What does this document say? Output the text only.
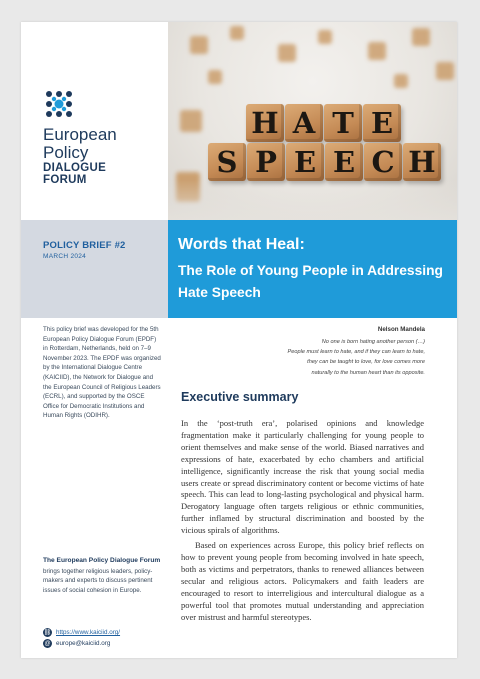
European
Policy
DIALOGUE
FORUM
H A T E
S P E E C H
POLICY BRIEF #2
MARCH 2024
Words that Heal:
The Role of Young People in Addressing Hate Speech
This policy brief was developed for the 5th European Policy Dialogue Forum (EPDF) in Rotterdam, Netherlands, held on 7–9 November 2023. The EPDF was organized by the International Dialogue Centre (KAICIID), the Network for Dialogue and the European Council of Religious Leaders (ECRL), and supported by the OSCE Office for Democratic Institutions and Human Rights (ODIHR).
The European Policy Dialogue Forum
brings together religious leaders, policy-makers and experts to discuss pertinent issues of social cohesion in Europe.
⛓ https://www.kaiciid.org/
@ europe@kaiciid.org
Nelson Mandela
No one is born hating another person (…)
People must learn to hate, and if they can learn to hate,
they can be taught to love, for love comes more
naturally to the human heart than its opposite.
Executive summary

In the ‘post-truth era’, polarised opinions and knowledge fragmentation make it particularly challenging for young people to orient themselves and make sense of the world. Biased narratives and expressions of hate, exacerbated by echo chambers and artificial intelligence, significantly increase the risk that young social media users create or spread discriminatory content or become victims of hate speech. This can lead to long-lasting psychological and physical harm. Derogatory language often targets religious or ethnic communities, further inflamed by structural discrimination and boosted by the vicious spirals of algorithms.

Based on experiences across Europe, this policy brief reflects on how to prevent young people from becoming involved in hate speech, both as victims and perpetrators, thanks to renewed alliances between secular and religious actors. Policymakers and faith leaders are encouraged to resort to interreligious and intercultural dialogue as a powerful tool that promotes mutual understanding and appreciation over mistrust and harmful stereotypes.
